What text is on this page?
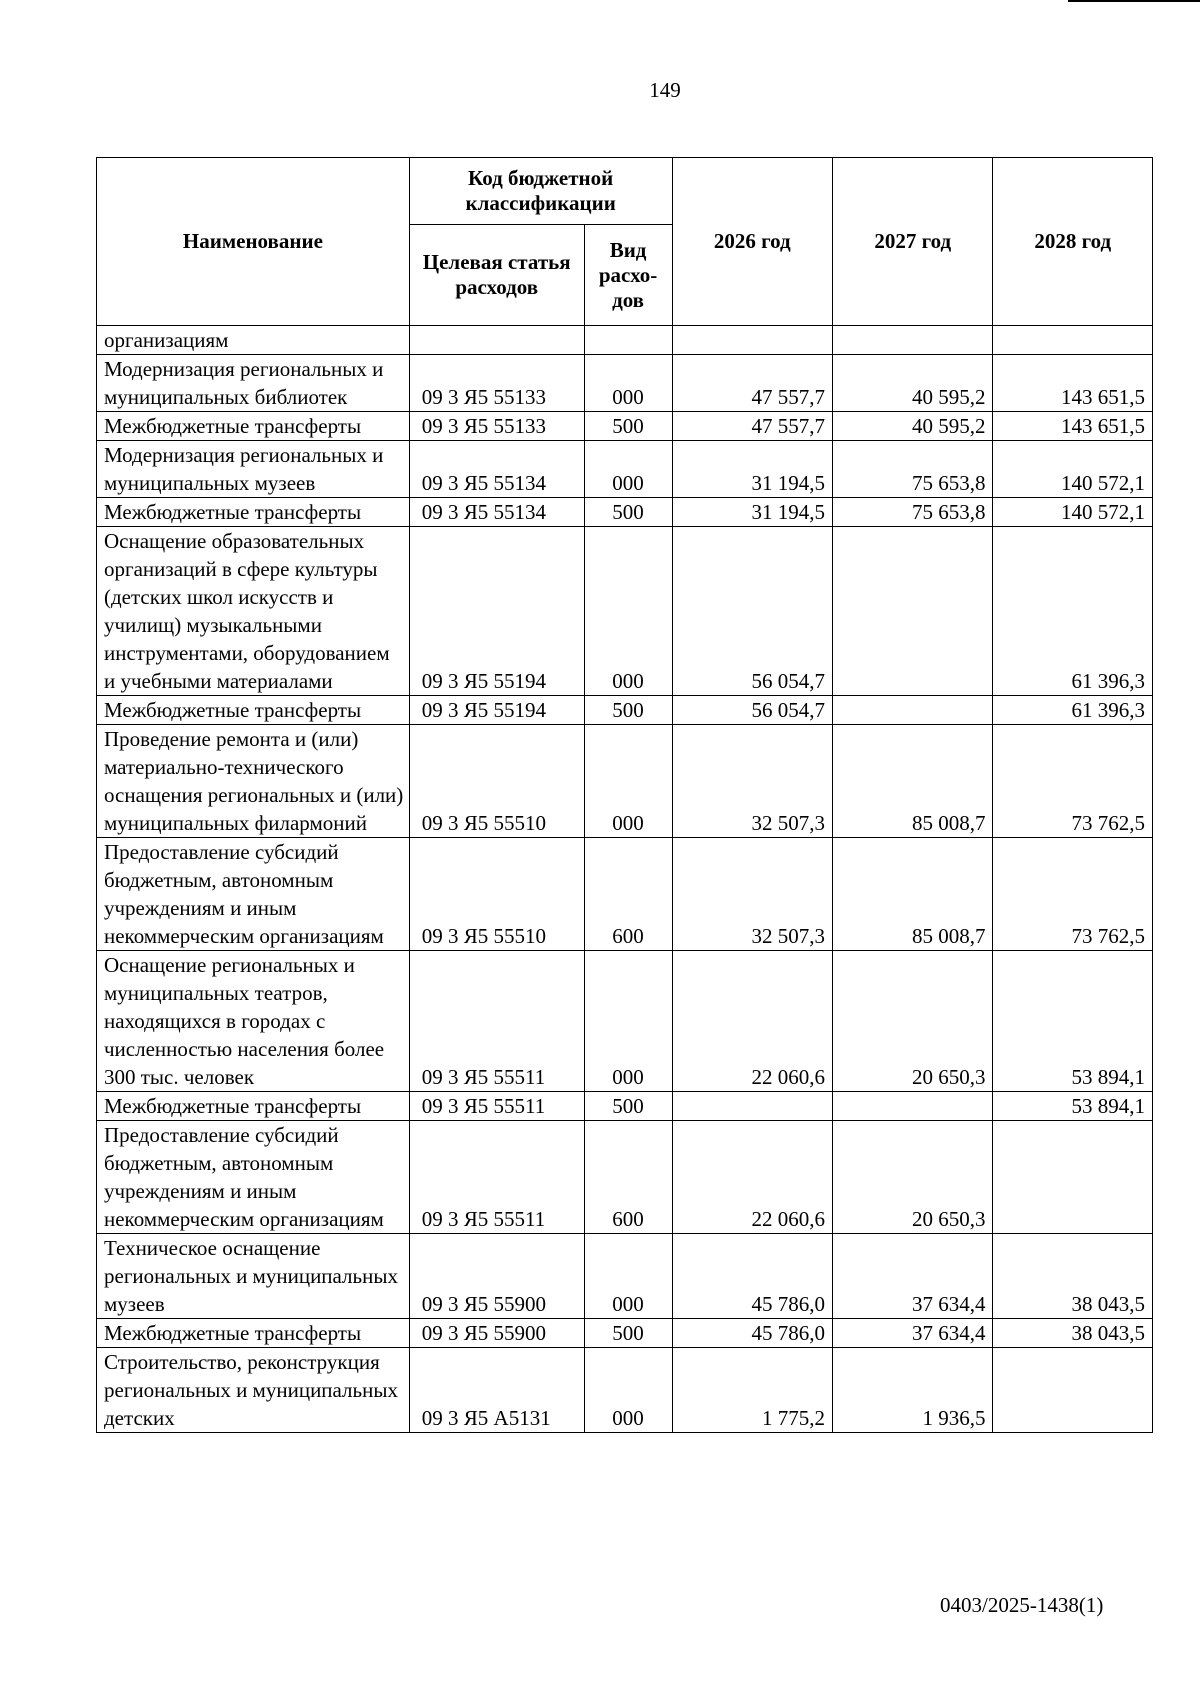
149
Наименование	Код бюджетной классификации		2026 год	2027 год	2028 год
	Целевая статья расходов	Вид расхо-дов			
организациям					
Модернизация региональных и муниципальных библиотек	09 3 Я5 55133	000	47 557,7	40 595,2	143 651,5
Межбюджетные трансферты	09 3 Я5 55133	500	47 557,7	40 595,2	143 651,5
Модернизация региональных и муниципальных музеев	09 3 Я5 55134	000	31 194,5	75 653,8	140 572,1
Межбюджетные трансферты	09 3 Я5 55134	500	31 194,5	75 653,8	140 572,1
Оснащение образовательных организаций в сфере культуры (детских школ искусств и училищ) музыкальными инструментами, оборудованием и учебными материалами	09 3 Я5 55194	000	56 054,7		61 396,3
Межбюджетные трансферты	09 3 Я5 55194	500	56 054,7		61 396,3
Проведение ремонта и (или) материально-технического оснащения региональных и (или) муниципальных филармоний	09 3 Я5 55510	000	32 507,3	85 008,7	73 762,5
Предоставление субсидий бюджетным, автономным учреждениям и иным некоммерческим организациям	09 3 Я5 55510	600	32 507,3	85 008,7	73 762,5
Оснащение региональных и муниципальных театров, находящихся в городах с численностью населения более 300 тыс. человек	09 3 Я5 55511	000	22 060,6	20 650,3	53 894,1
Межбюджетные трансферты	09 3 Я5 55511	500			53 894,1
Предоставление субсидий бюджетным, автономным учреждениям и иным некоммерческим организациям	09 3 Я5 55511	600	22 060,6	20 650,3	
Техническое оснащение региональных и муниципальных музеев	09 3 Я5 55900	000	45 786,0	37 634,4	38 043,5
Межбюджетные трансферты	09 3 Я5 55900	500	45 786,0	37 634,4	38 043,5
Строительство, реконструкция региональных и муниципальных детских	09 3 Я5 А5131	000	1 775,2	1 936,5	
0403/2025-1438(1)
